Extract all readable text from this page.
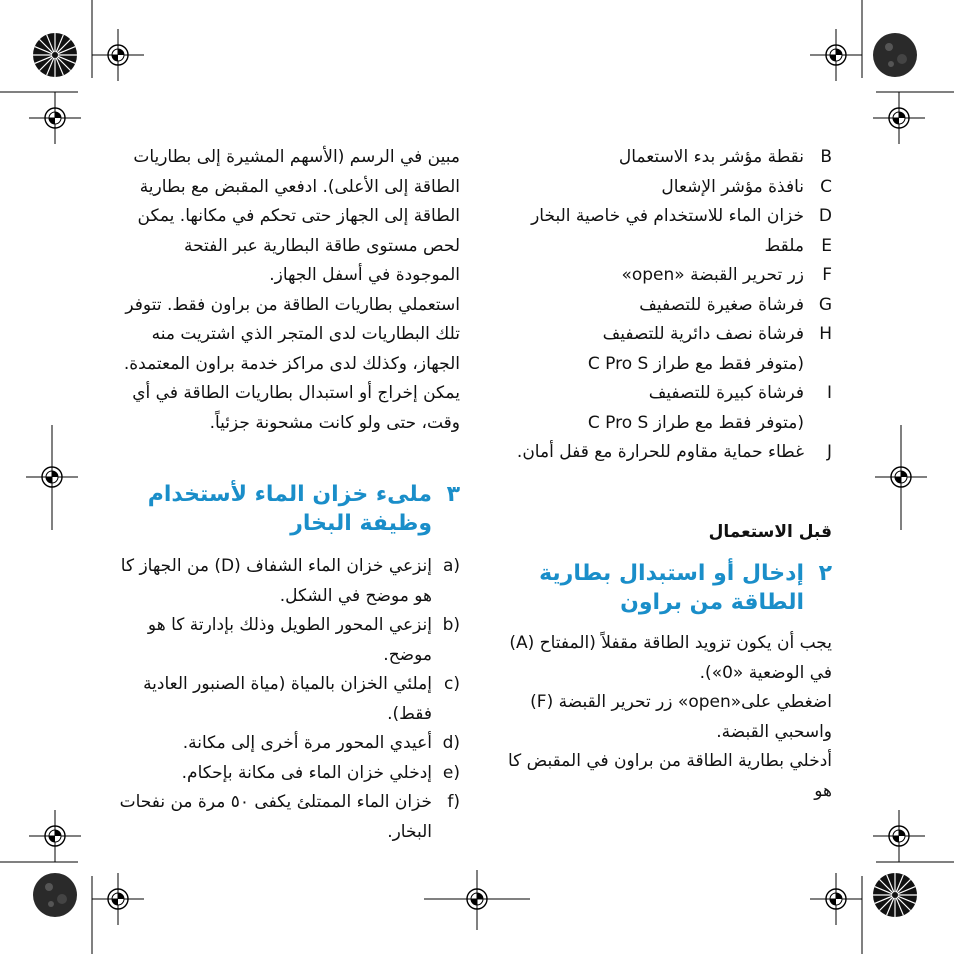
B
نقطة مؤشر بدء الاستعمال
C
نافذة مؤشر الإشعال
D
خزان الماء للاستخدام في خاصية البخار
E
ملقط
F
زر تحرير القبضة «open»
G
فرشاة صغيرة للتصفيف
H
فرشاة نصف دائرية للتصفيف
(متوفر فقط مع طراز C Pro S
I
فرشاة كبيرة للتصفيف
(متوفر فقط مع طراز C Pro S
J
غطاء حماية مقاوم للحرارة مع قفل أمان.
قبل الاستعمال
٢
إدخال أو استبدال بطارية الطاقة من براون

يجب أن يكون تزويد الطاقة مقفلاً (المفتاح (A) في الوضعية «0»).

اضغطي على«open» زر تحرير القبضة (F) واسحبي القبضة.

أدخلي بطارية الطاقة من براون في المقبض كا هو

مبين في الرسم (الأسهم المشيرة إلى بطاريات الطاقة إلى الأعلى). ادفعي المقبض مع بطارية الطاقة إلى الجهاز حتى تحكم في مكانها. يمكن لحص مستوى طاقة البطارية عبر الفتحة الموجودة في أسفل الجهاز.

استعملي بطاريات الطاقة من براون فقط. تتوفر تلك البطاريات لدى المتجر الذي اشتريت منه الجهاز، وكذلك لدى مراكز خدمة براون المعتمدة. يمكن إخراج أو استبدال بطاريات الطاقة في أي وقت، حتى ولو كانت مشحونة جزئياً.

٣
ملىء خزان الماء لأستخدام وظيفة البخار
a)
إنزعي خزان الماء الشفاف (D) من الجهاز كا هو موضح في الشكل.
b)
إنزعي المحور الطويل وذلك بإدارتة كا هو موضح.
c)
إملئي الخزان بالمياة (مياة الصنبور العادية فقط).
d)
أعيدي المحور مرة أخرى إلى مكانة.
e)
إدخلي خزان الماء فى مكانة بإحكام.
f)
خزان الماء الممتلئ يكفى ٥٠ مرة من نفحات البخار.
